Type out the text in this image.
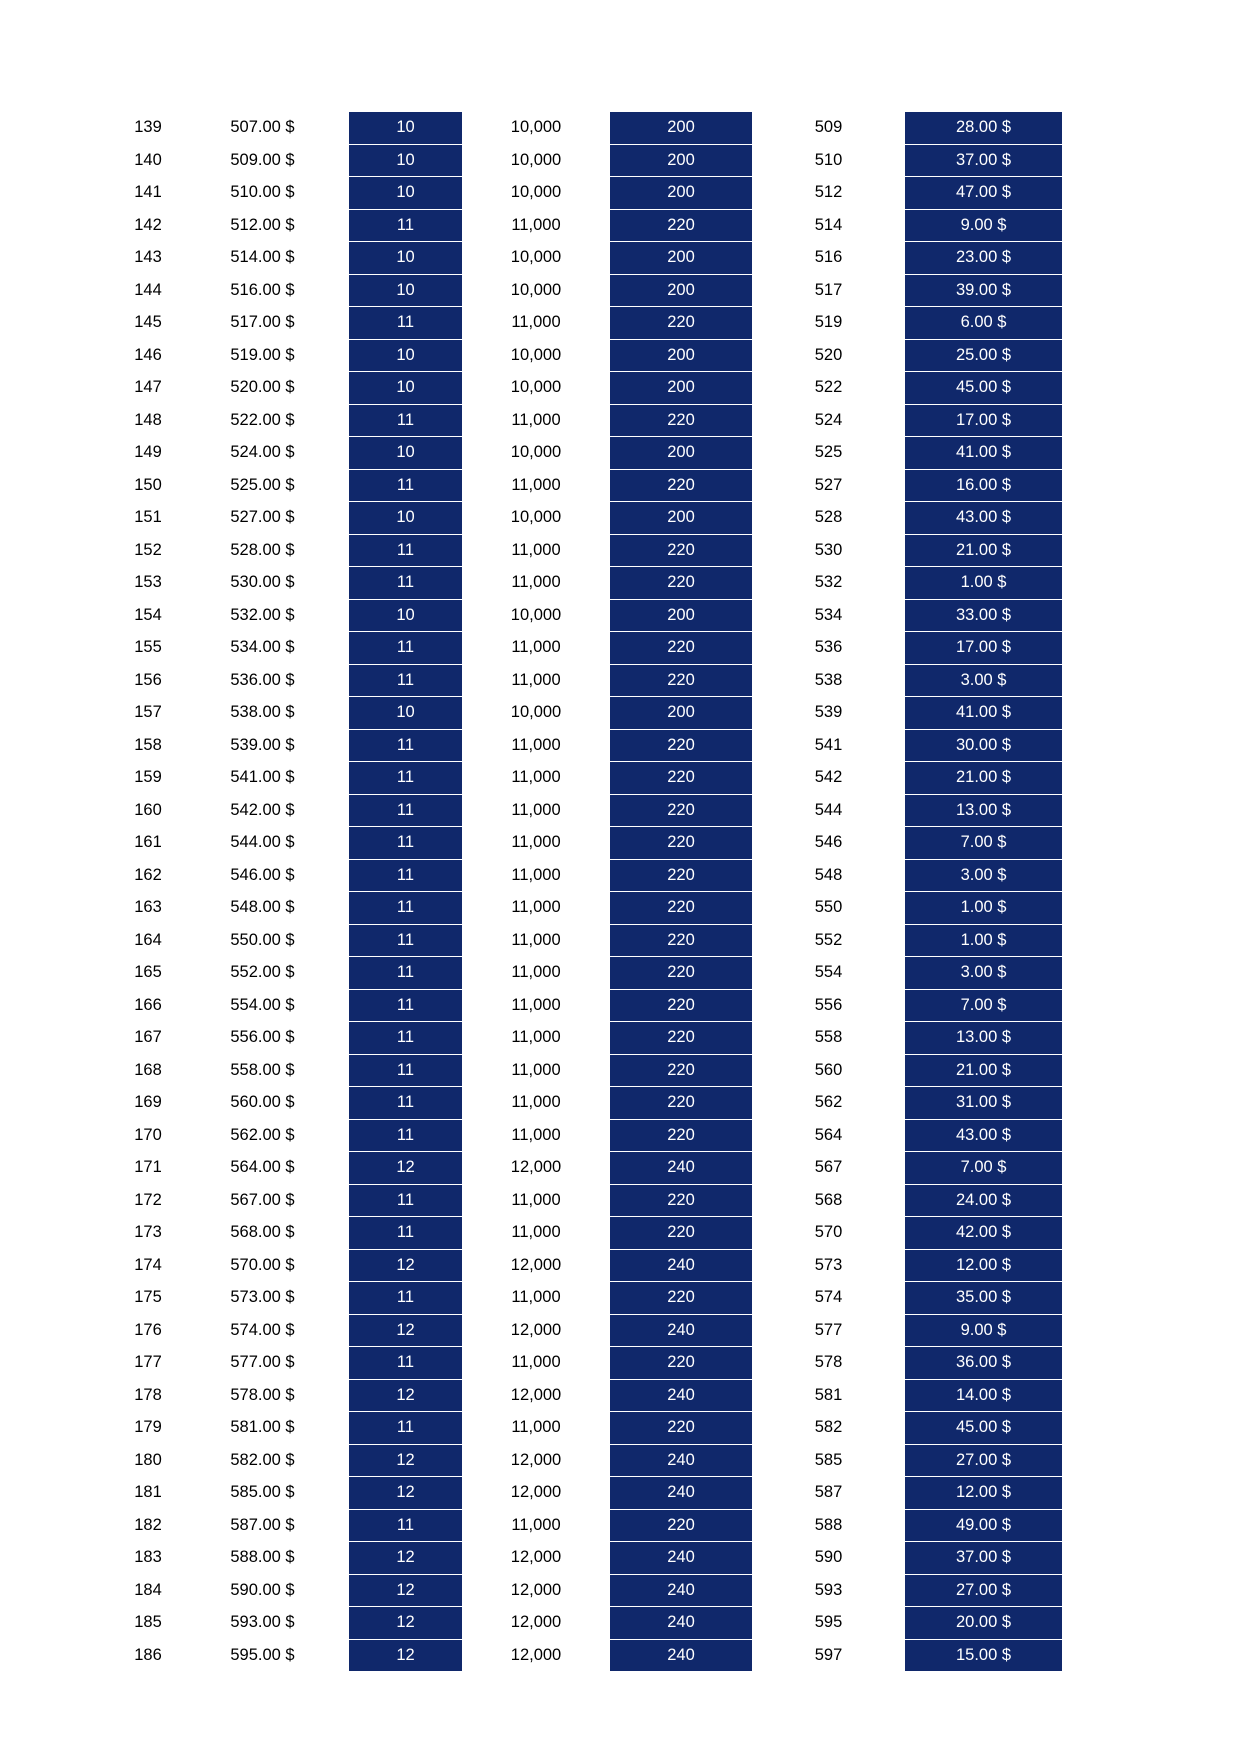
139	507.00 $	10	10,000	200	509	28.00 $
140	509.00 $	10	10,000	200	510	37.00 $
141	510.00 $	10	10,000	200	512	47.00 $
142	512.00 $	11	11,000	220	514	9.00 $
143	514.00 $	10	10,000	200	516	23.00 $
144	516.00 $	10	10,000	200	517	39.00 $
145	517.00 $	11	11,000	220	519	6.00 $
146	519.00 $	10	10,000	200	520	25.00 $
147	520.00 $	10	10,000	200	522	45.00 $
148	522.00 $	11	11,000	220	524	17.00 $
149	524.00 $	10	10,000	200	525	41.00 $
150	525.00 $	11	11,000	220	527	16.00 $
151	527.00 $	10	10,000	200	528	43.00 $
152	528.00 $	11	11,000	220	530	21.00 $
153	530.00 $	11	11,000	220	532	1.00 $
154	532.00 $	10	10,000	200	534	33.00 $
155	534.00 $	11	11,000	220	536	17.00 $
156	536.00 $	11	11,000	220	538	3.00 $
157	538.00 $	10	10,000	200	539	41.00 $
158	539.00 $	11	11,000	220	541	30.00 $
159	541.00 $	11	11,000	220	542	21.00 $
160	542.00 $	11	11,000	220	544	13.00 $
161	544.00 $	11	11,000	220	546	7.00 $
162	546.00 $	11	11,000	220	548	3.00 $
163	548.00 $	11	11,000	220	550	1.00 $
164	550.00 $	11	11,000	220	552	1.00 $
165	552.00 $	11	11,000	220	554	3.00 $
166	554.00 $	11	11,000	220	556	7.00 $
167	556.00 $	11	11,000	220	558	13.00 $
168	558.00 $	11	11,000	220	560	21.00 $
169	560.00 $	11	11,000	220	562	31.00 $
170	562.00 $	11	11,000	220	564	43.00 $
171	564.00 $	12	12,000	240	567	7.00 $
172	567.00 $	11	11,000	220	568	24.00 $
173	568.00 $	11	11,000	220	570	42.00 $
174	570.00 $	12	12,000	240	573	12.00 $
175	573.00 $	11	11,000	220	574	35.00 $
176	574.00 $	12	12,000	240	577	9.00 $
177	577.00 $	11	11,000	220	578	36.00 $
178	578.00 $	12	12,000	240	581	14.00 $
179	581.00 $	11	11,000	220	582	45.00 $
180	582.00 $	12	12,000	240	585	27.00 $
181	585.00 $	12	12,000	240	587	12.00 $
182	587.00 $	11	11,000	220	588	49.00 $
183	588.00 $	12	12,000	240	590	37.00 $
184	590.00 $	12	12,000	240	593	27.00 $
185	593.00 $	12	12,000	240	595	20.00 $
186	595.00 $	12	12,000	240	597	15.00 $
